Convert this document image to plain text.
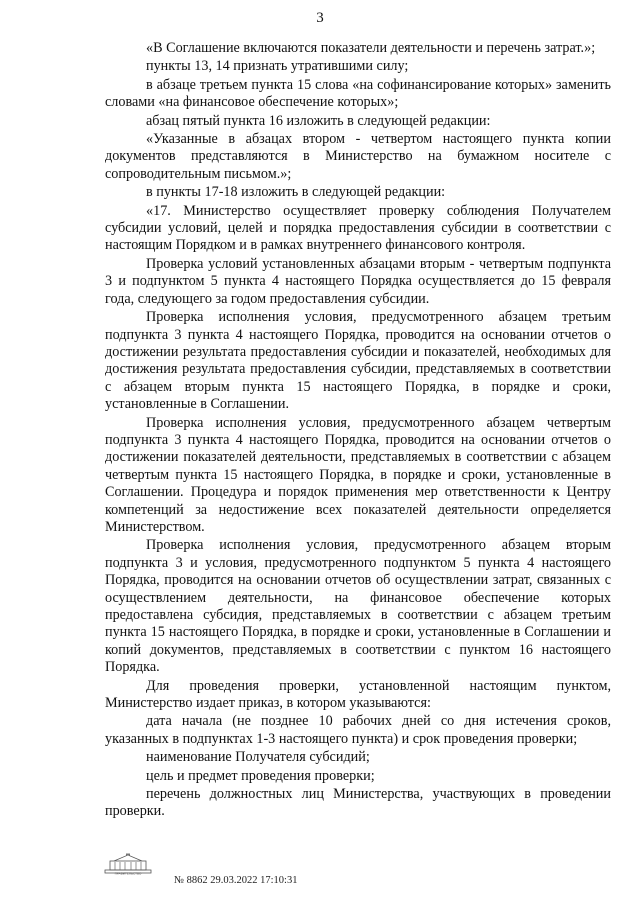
3

«В Соглашение включаются показатели деятельности и перечень затрат.»;

пункты 13, 14 признать утратившими силу;

в абзаце третьем пункта 15 слова «на софинансирование которых» заменить словами «на финансовое обеспечение которых»;

абзац пятый пункта 16 изложить в следующей редакции:

«Указанные в абзацах втором - четвертом настоящего пункта копии документов представляются в Министерство на бумажном носителе с сопроводительным письмом.»;

в пункты 17-18 изложить в следующей редакции:

«17. Министерство осуществляет проверку соблюдения Получателем субсидии условий, целей и порядка предоставления субсидии в соответствии с настоящим Порядком и в рамках внутреннего финансового контроля.

Проверка условий установленных абзацами вторым - четвертым подпункта 3 и подпунктом 5 пункта 4 настоящего Порядка осуществляется до 15 февраля года, следующего за годом предоставления субсидии.

Проверка исполнения условия, предусмотренного абзацем третьим подпункта 3 пункта 4 настоящего Порядка, проводится на основании отчетов о достижении результата предоставления субсидии и показателей, необходимых для достижения результата предоставления субсидии, представляемых в соответствии с абзацем вторым пункта 15 настоящего Порядка, в порядке и сроки, установленные в Соглашении.

Проверка исполнения условия, предусмотренного абзацем четвертым подпункта 3 пункта 4 настоящего Порядка, проводится на основании отчетов о достижении показателей деятельности, представляемых в соответствии с абзацем четвертым пункта 15 настоящего Порядка, в порядке и сроки, установленные в Соглашении. Процедура и порядок применения мер ответственности к Центру компетенций за недостижение всех показателей деятельности определяется Министерством.

Проверка исполнения условия, предусмотренного абзацем вторым подпункта 3 и условия, предусмотренного подпунктом 5 пункта 4 настоящего Порядка, проводится на основании отчетов об осуществлении затрат, связанных с осуществлением деятельности, на финансовое обеспечение которых предоставлена субсидия, представляемых в соответствии с абзацем третьим пункта 15 настоящего Порядка, в порядке и сроки, установленные в Соглашении и копий документов, представляемых в соответствии с пунктом 16 настоящего Порядка.

Для проведения проверки, установленной настоящим пунктом, Министерство издает приказ, в котором указываются:

дата начала (не позднее 10 рабочих дней со дня истечения сроков, указанных в подпунктах 1-3 настоящего пункта) и срок проведения проверки;

наименование Получателя субсидий;

цель и предмет проведения проверки;

перечень должностных лиц Министерства, участвующих в проведении проверки.

ПРАВИТЕЛЬСТВО
№ 8862 29.03.2022 17:10:31
